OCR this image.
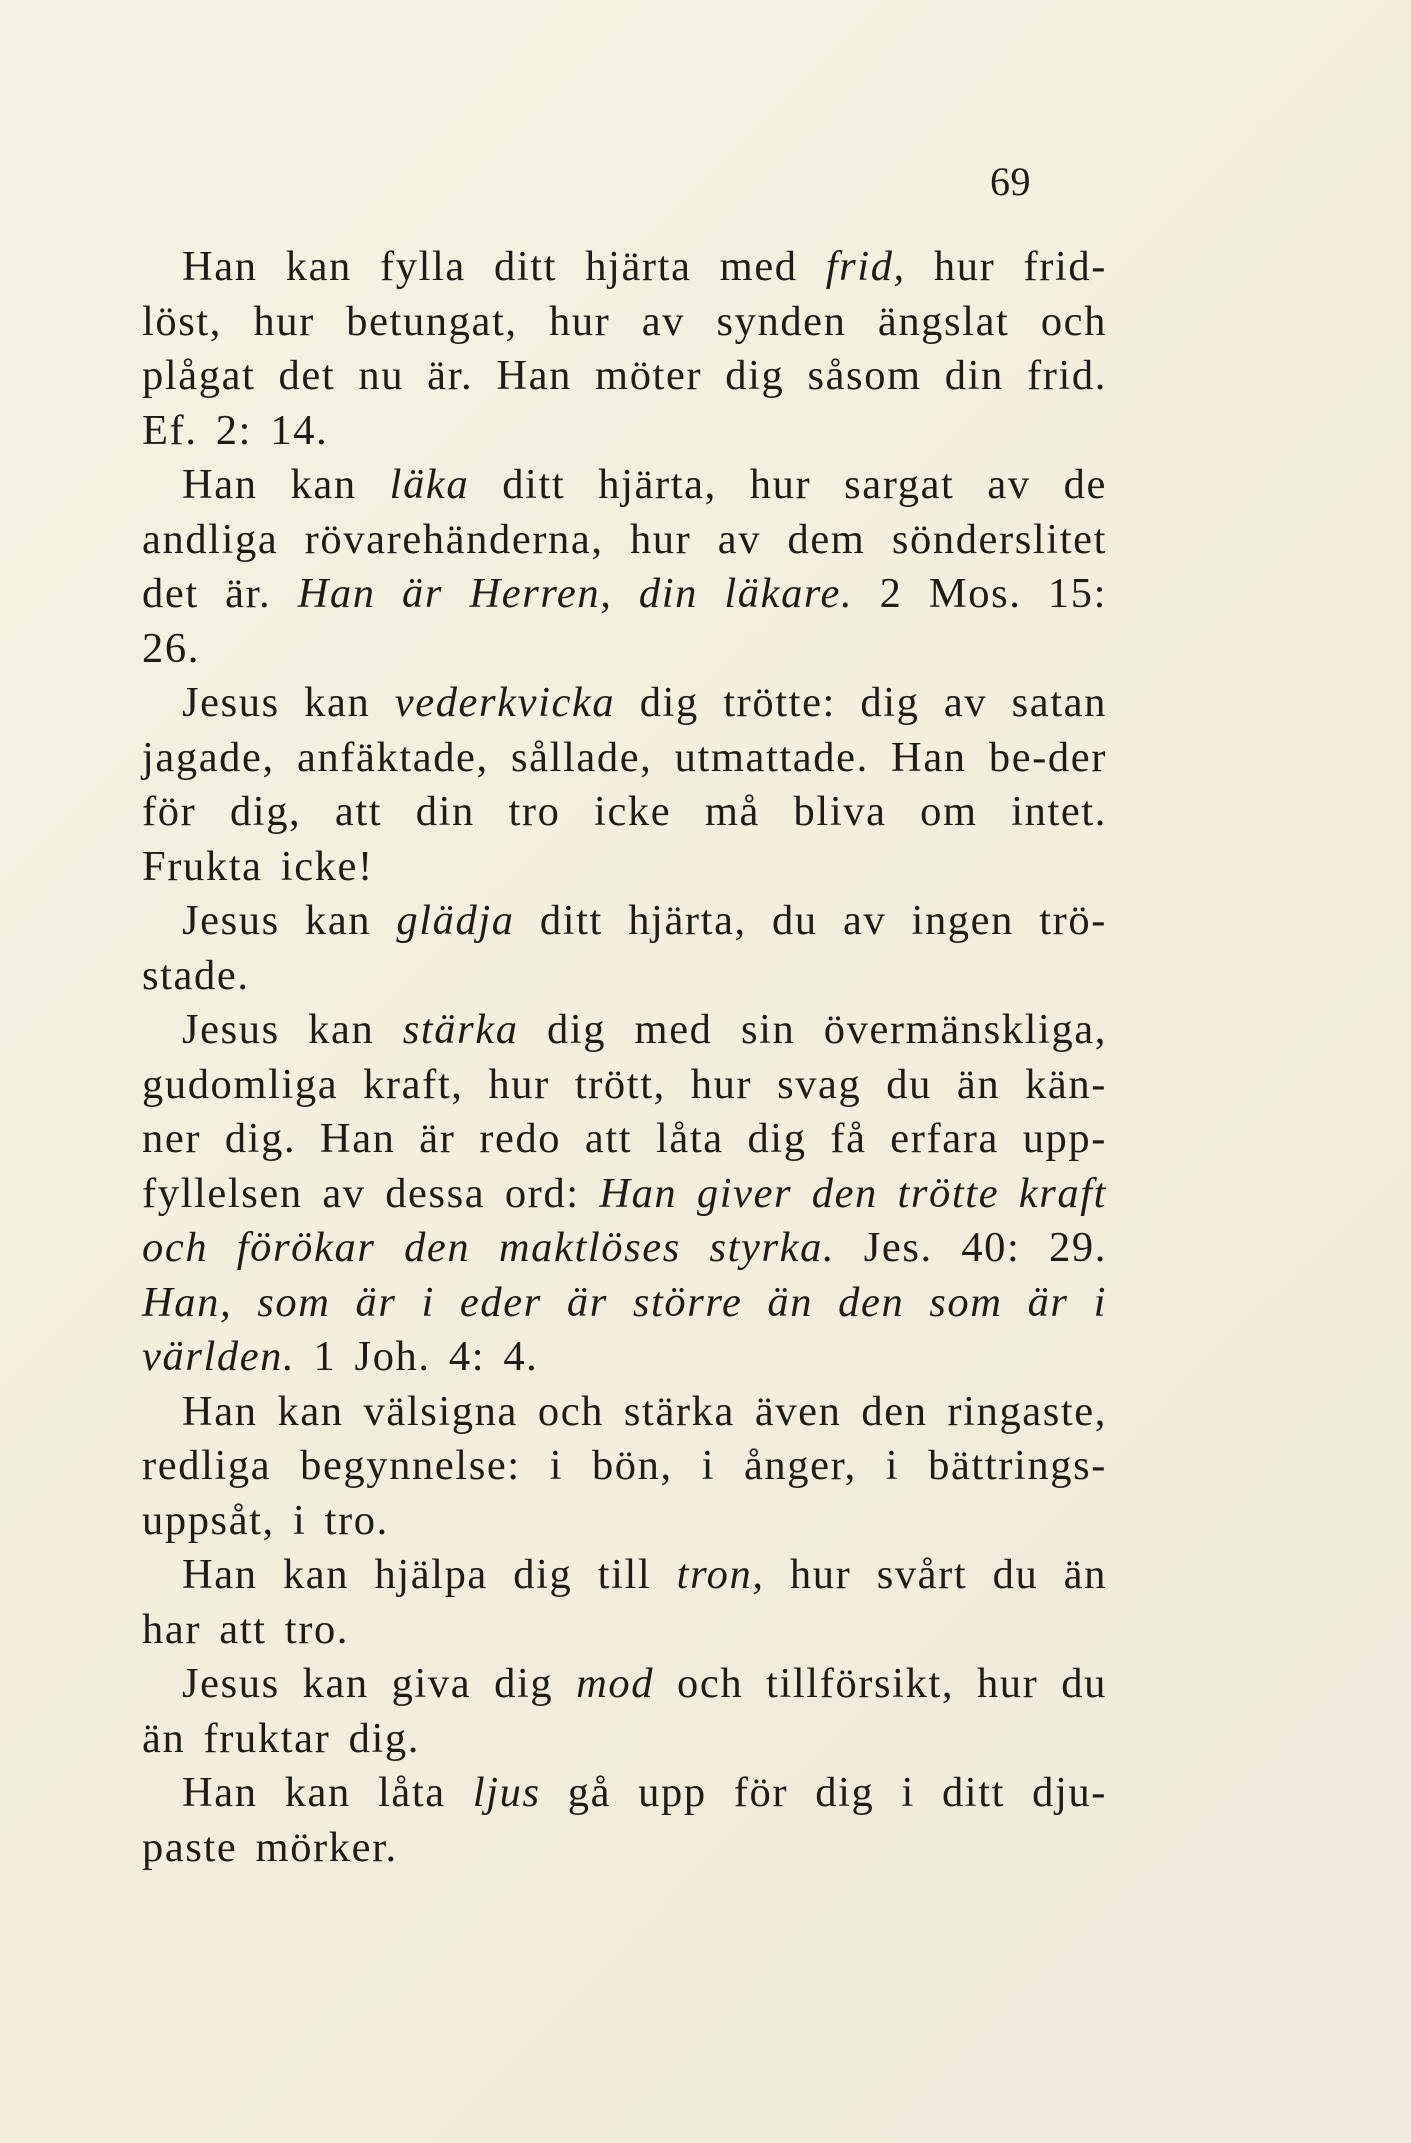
69

Han kan fylla ditt hjärta med frid, hur frid-löst, hur betungat, hur av synden ängslat och plågat det nu är. Han möter dig såsom din frid. Ef. 2: 14.

Han kan läka ditt hjärta, hur sargat av de andliga rövarehänderna, hur av dem sönderslitet det är. Han är Herren, din läkare. 2 Mos. 15: 26.

Jesus kan vederkvicka dig trötte: dig av satan jagade, anfäktade, sållade, utmattade. Han be-der för dig, att din tro icke må bliva om intet. Frukta icke!

Jesus kan glädja ditt hjärta, du av ingen trö-stade.

Jesus kan stärka dig med sin övermänskliga, gudomliga kraft, hur trött, hur svag du än kän-ner dig. Han är redo att låta dig få erfara upp-fyllelsen av dessa ord: Han giver den trötte kraft och förökar den maktlöses styrka. Jes. 40: 29. Han, som är i eder är större än den som är i världen. 1 Joh. 4: 4.

Han kan välsigna och stärka även den ringaste, redliga begynnelse: i bön, i ånger, i bättrings-uppsåt, i tro.

Han kan hjälpa dig till tron, hur svårt du än har att tro.

Jesus kan giva dig mod och tillförsikt, hur du än fruktar dig.

Han kan låta ljus gå upp för dig i ditt dju-paste mörker.
